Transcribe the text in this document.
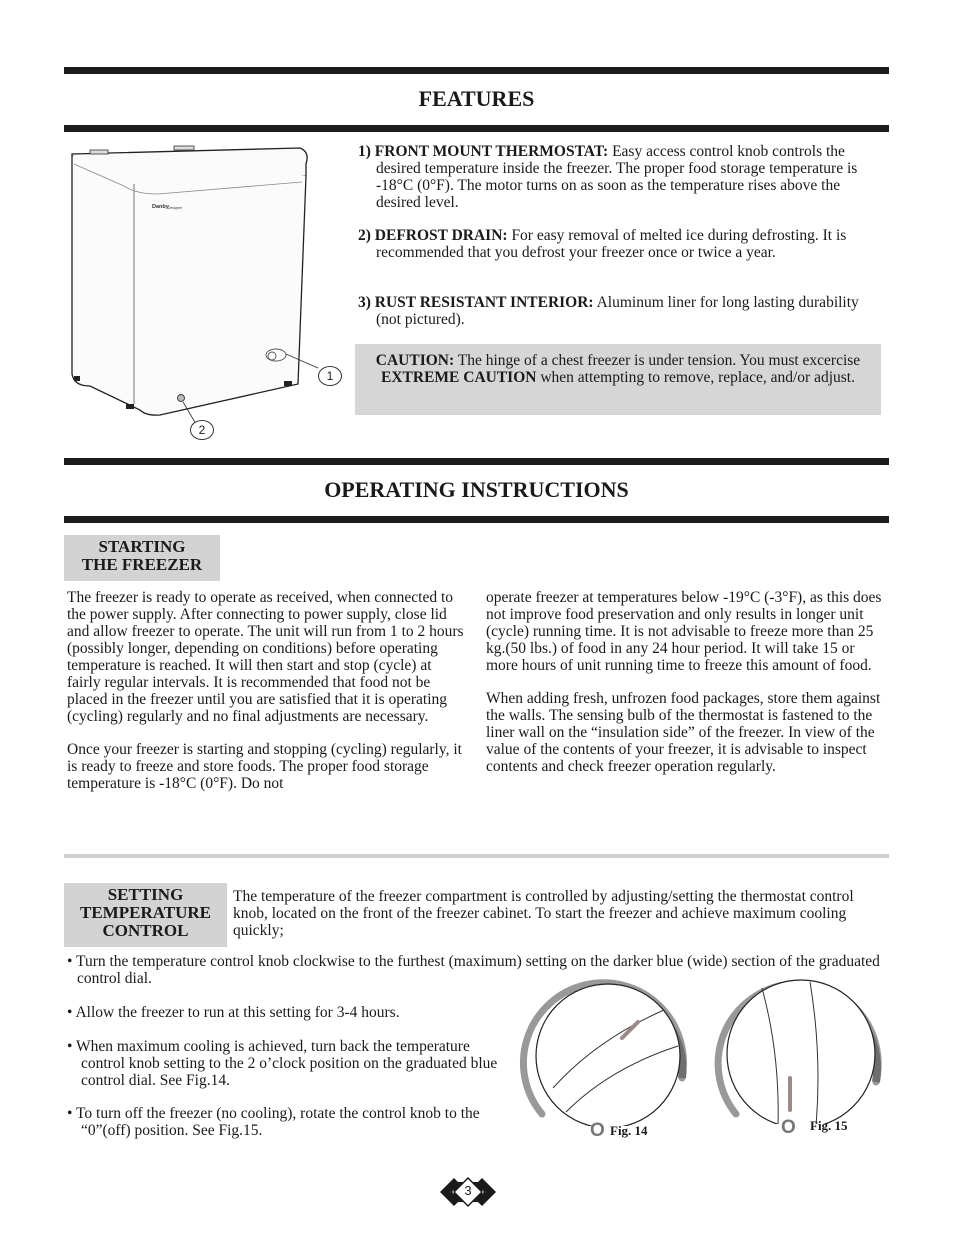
FEATURES
Danby Designer
1
2

1) FRONT MOUNT THERMOSTAT: Easy access control knob controls the desired temperature inside the freezer. The proper food storage temperature is -18°C (0°F). The motor turns on as soon as the temperature rises above the desired level.

2) DEFROST DRAIN: For easy removal of melted ice during defrosting. It is recommended that you defrost your freezer once or twice a year.

3) RUST RESISTANT INTERIOR: Aluminum liner for long lasting durability (not pictured).

CAUTION: The hinge of a chest freezer is under tension. You must excercise EXTREME CAUTION when attempting to remove, replace, and/or adjust.
OPERATING INSTRUCTIONS
STARTING
THE FREEZER

The freezer is ready to operate as received, when connected to the power supply. After connecting to power supply, close lid and allow freezer to operate. The unit will run from 1 to 2 hours (possibly longer, depending on conditions) before operating temperature is reached. It will then start and stop (cycle) at fairly regular intervals. It is recommended that food not be placed in the freezer until you are satisfied that it is operating (cycling) regularly and no final adjustments are necessary.

Once your freezer is starting and stopping (cycling) regularly, it is ready to freeze and store foods. The proper food storage temperature is -18°C (0°F). Do not

operate freezer at temperatures below -19°C (-3°F), as this does not improve food preservation and only results in longer unit (cycle) running time. It is not advisable to freeze more than 25 kg.(50 lbs.) of food in any 24 hour period. It will take 15 or more hours of unit running time to freeze this amount of food.

When adding fresh, unfrozen food packages, store them against the walls. The sensing bulb of the thermostat is fastened to the liner wall on the “insulation side” of the freezer. In view of the value of the contents of your freezer, it is advisable to inspect contents and check freezer operation regularly.

SETTING
TEMPERATURE
CONTROL
The temperature of the freezer compartment is controlled by adjusting/setting the thermostat control knob, located on the front of the freezer cabinet. To start the freezer and achieve maximum cooling quickly;
• Turn the temperature control knob clockwise to the furthest (maximum) setting on the darker blue (wide) section of the graduated control dial.
• Allow the freezer to run at this setting for 3-4 hours.
• When maximum cooling is achieved, turn back the temperature control knob setting to the 2 o’clock position on the graduated blue control dial. See Fig.14.
• To turn off the freezer (no cooling), rotate the control knob to the “0”(off) position. See Fig.15.	O Fig. 14	O Fig. 15
3
